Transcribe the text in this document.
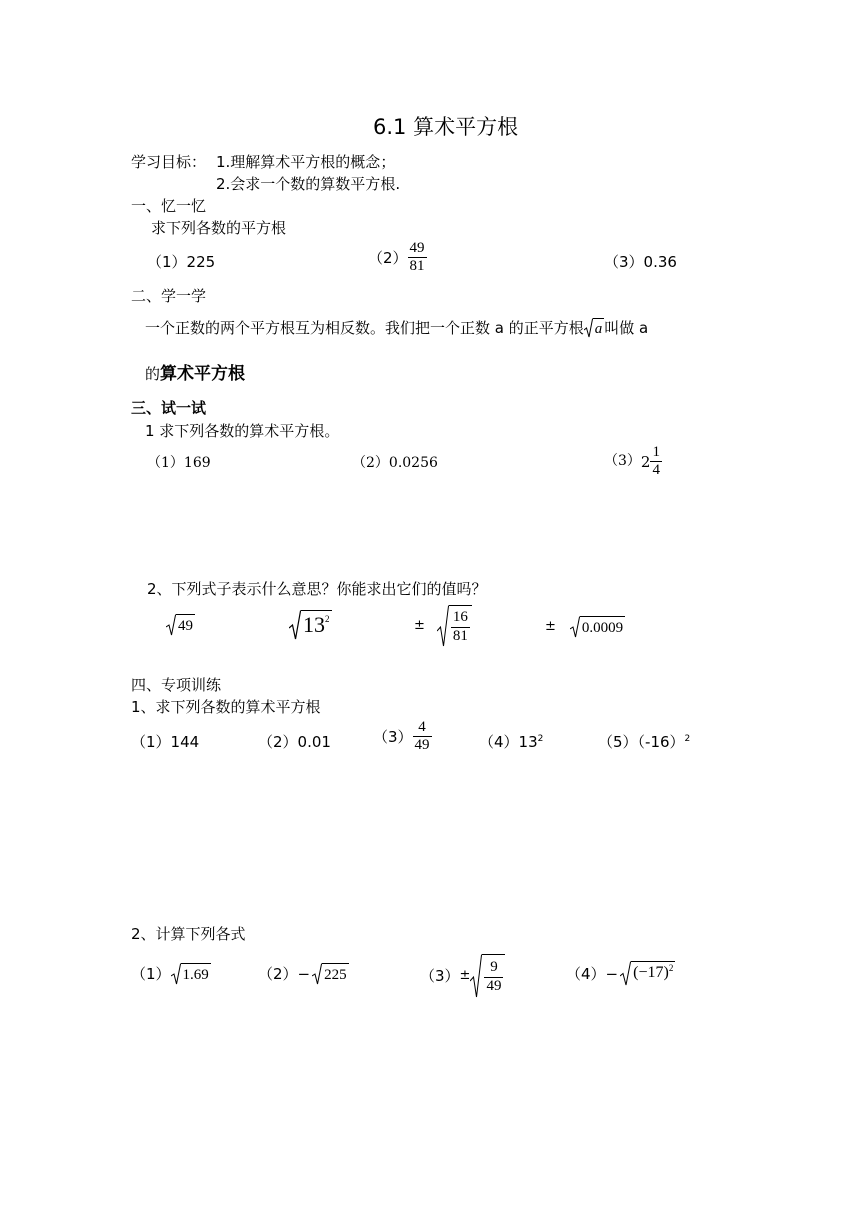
6.1 算术平方根
学习目标： 1.理解算术平方根的概念；
2.会求一个数的算数平方根.
一、忆一忆
求下列各数的平方根
（1）225	$(2) \frac{49}{81}$	（3）0.36
二、学一学
一个正数的两个平方根互为相反数。我们把一个正数 a 的正平方根 a 叫做 a
的算术平方根
三、试一试
1 求下列各数的算术平方根。
（1）169	（2）0.0256	（3） $2 \frac{1}{4}$
2、下列式子表示什么意思？你能求出它们的值吗？
49	$13^2$	± $\frac{16}{81}$	± 0.0009
四、专项训练
1、求下列各数的算术平方根
（1）144	（2）0.01	$(3) \frac{4}{49}$	$(4)13^2$	$(5)(-16)^2$
2、计算下列各式
（1） 1.69	（2） − 225	$(3) \pm \frac{9}{49}$	$(4) - (-17)^2$
